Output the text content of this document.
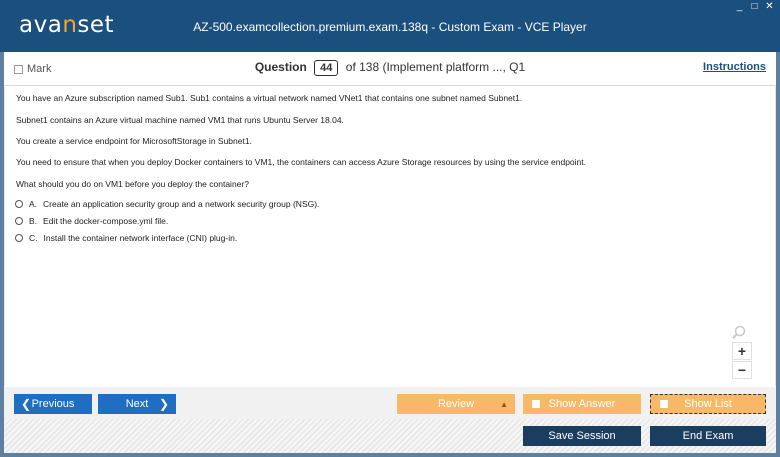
avanset	AZ-500.examcollection.premium.exam.138q - Custom Exam - VCE Player
_ □ ✕
Mark	Question 44 of 138 (Implement platform ..., Q1	Instructions
You have an Azure subscription named Sub1. Sub1 contains a virtual network named VNet1 that contains one subnet named Subnet1.
Subnet1 contains an Azure virtual machine named VM1 that runs Ubuntu Server 18.04.
You create a service endpoint for MicrosoftStorage in Subnet1.
You need to ensure that when you deploy Docker containers to VM1, the containers can access Azure Storage resources by using the service endpoint.
What should you do on VM1 before you deploy the container?
A. Create an application security group and a network security group (NSG).
B. Edit the docker-compose.yml file.
C. Install the container network interface (CNI) plug-in.
+
−
❮ Previous	Next ❯	Review	▲	Show Answer	Show List
Save Session	End Exam
